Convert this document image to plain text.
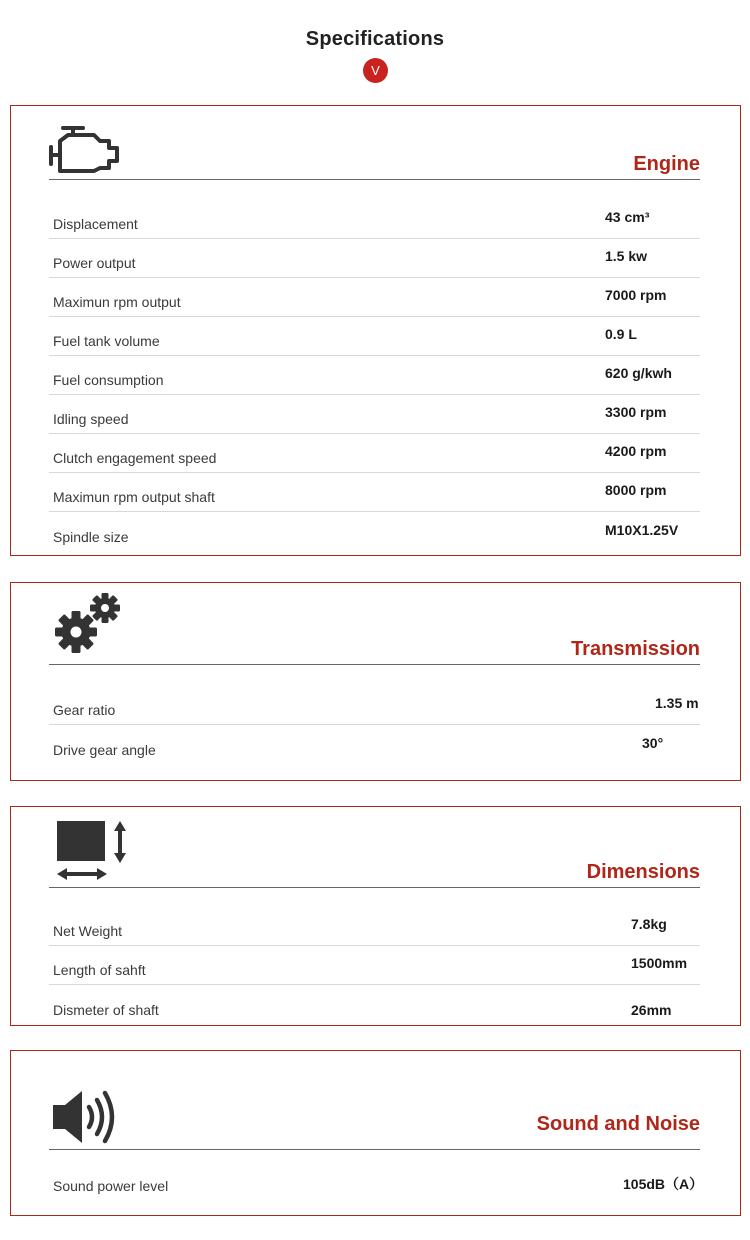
Specifications
V
Engine
Displacement	43 cm³
Power output	1.5 kw
Maximun rpm output	7000 rpm
Fuel tank volume	0.9 L
Fuel consumption	620 g/kwh
Idling speed	3300 rpm
Clutch engagement speed	4200 rpm
Maximun rpm output shaft	8000 rpm
Spindle size	M10X1.25V
Transmission
Gear ratio	1.35 m
Drive gear angle	30°
Dimensions
Net Weight	7.8kg
Length of sahft	1500mm
Dismeter of shaft	26mm
Sound and Noise
Sound power level	105dB（A）
